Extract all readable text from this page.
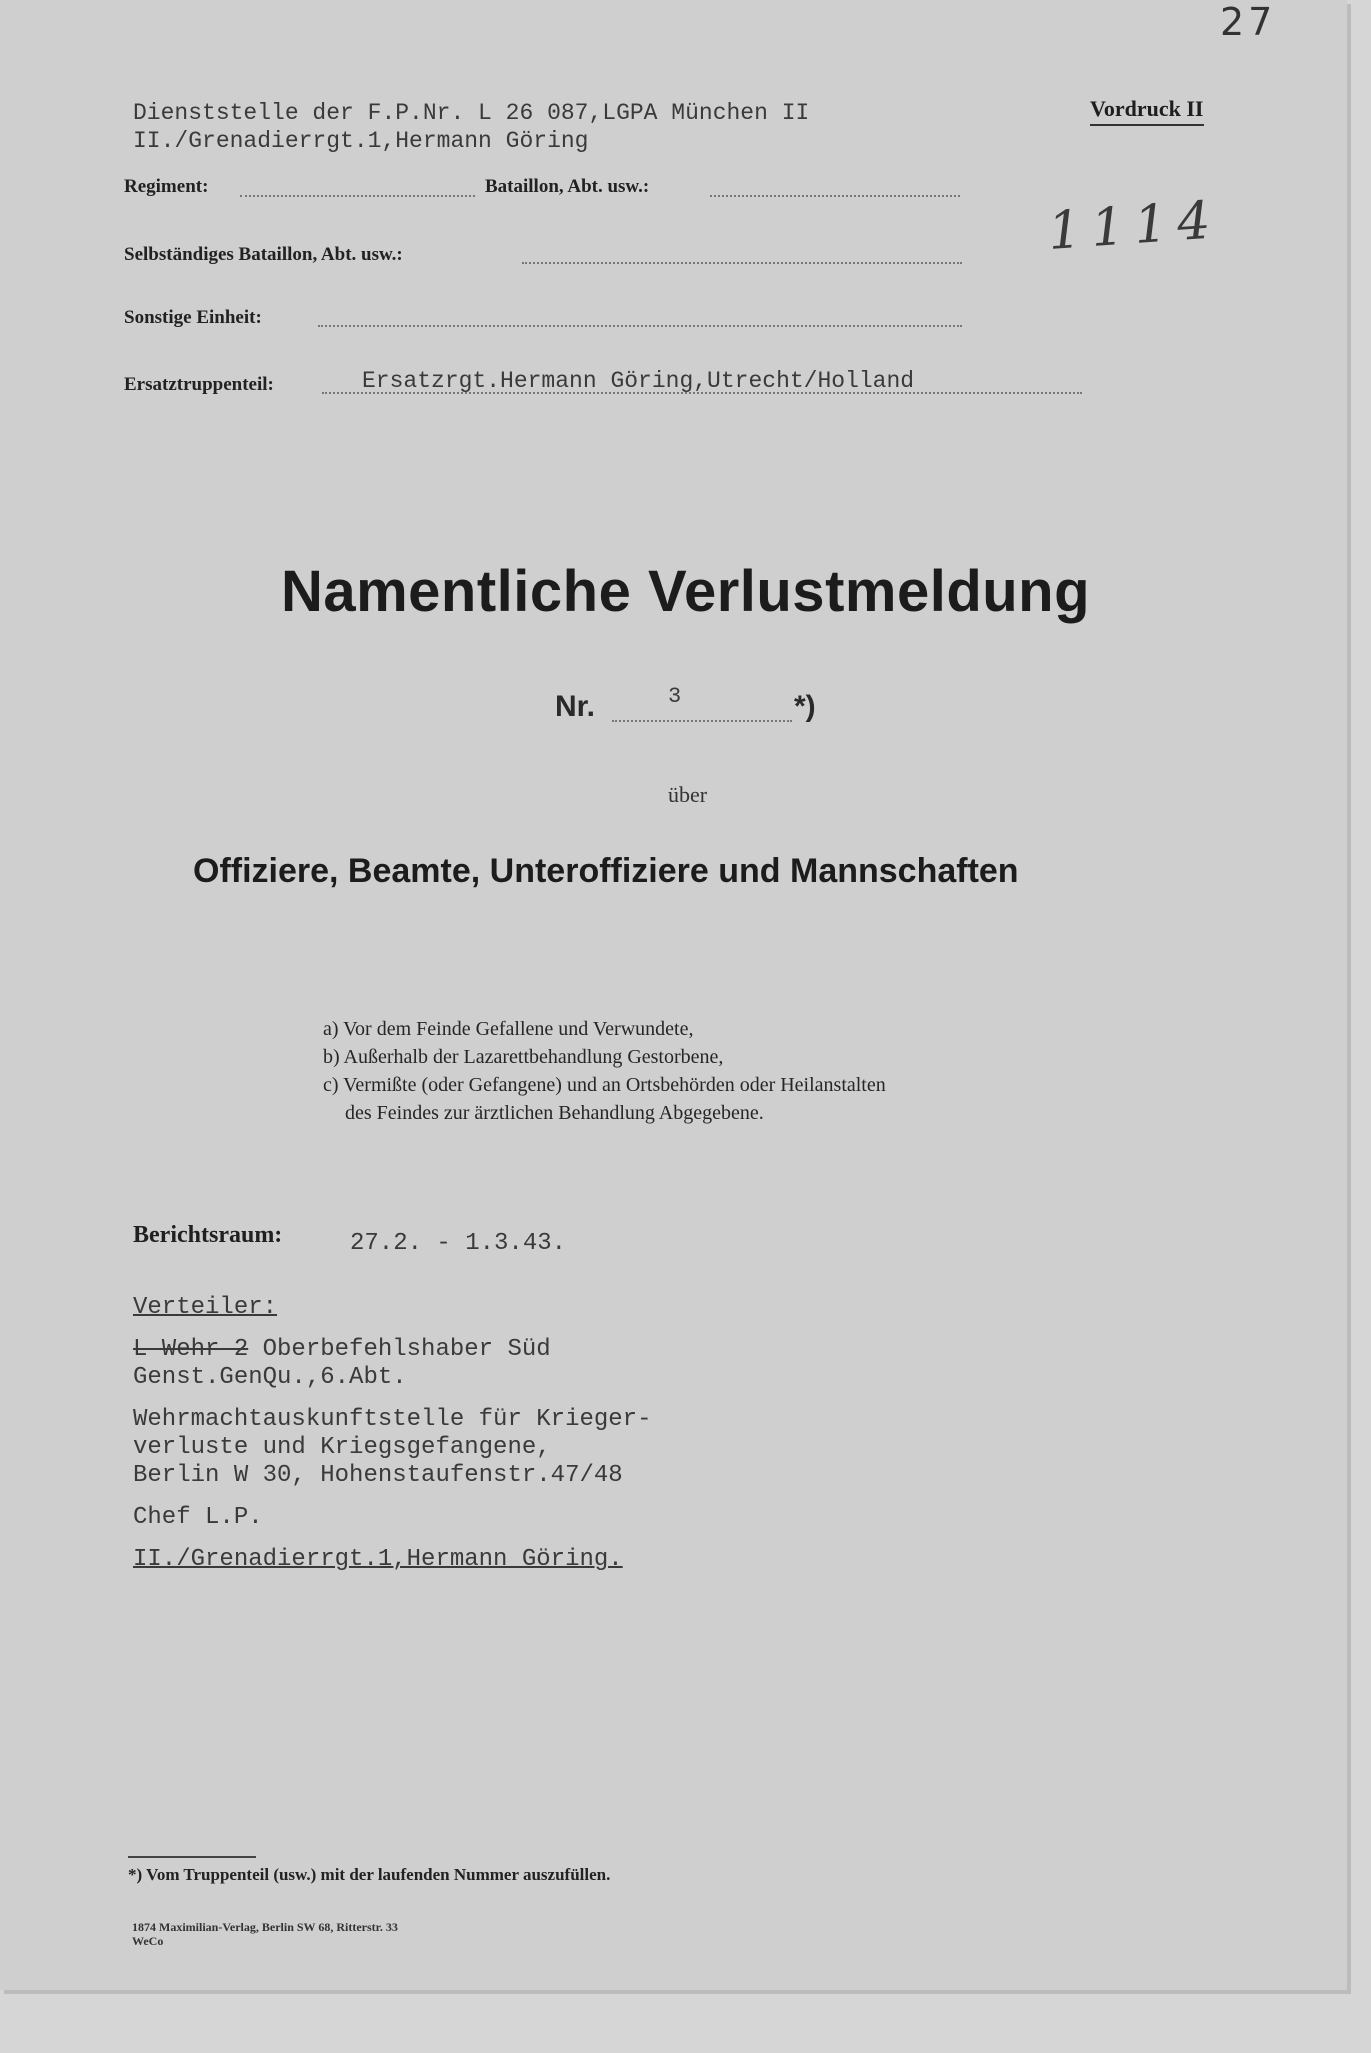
27
Vordruck II
Dienststelle der F.P.Nr. L 26 087,LGPA München II
II./Grenadierrgt.1,Hermann Göring
1114
Regiment:	Bataillon, Abt. usw.:
Selbständiges Bataillon, Abt. usw.:
Sonstige Einheit:
Ersatztruppenteil:	Ersatzrgt.Hermann Göring,Utrecht/Holland
Namentliche Verlustmeldung
Nr.	3	*)
über
Offiziere, Beamte, Unteroffiziere und Mannschaften
a) Vor dem Feinde Gefallene und Verwundete,
b) Außerhalb der Lazarettbehandlung Gestorbene,
c) Vermißte (oder Gefangene) und an Ortsbehörden oder Heilanstalten
des Feindes zur ärztlichen Behandlung Abgegebene.
Berichtsraum:	27.2. - 1.3.43.
Verteiler:
L Wehr 2 Oberbefehlshaber Süd
Genst.GenQu.,6.Abt.
Wehrmachtauskunftstelle für Krieger-
verluste und Kriegsgefangene,
Berlin W 30, Hohenstaufenstr.47/48
Chef L.P.
II./Grenadierrgt.1,Hermann Göring.
*) Vom Truppenteil (usw.) mit der laufenden Nummer auszufüllen.
1874 Maximilian-Verlag, Berlin SW 68, Ritterstr. 33
WeCo
